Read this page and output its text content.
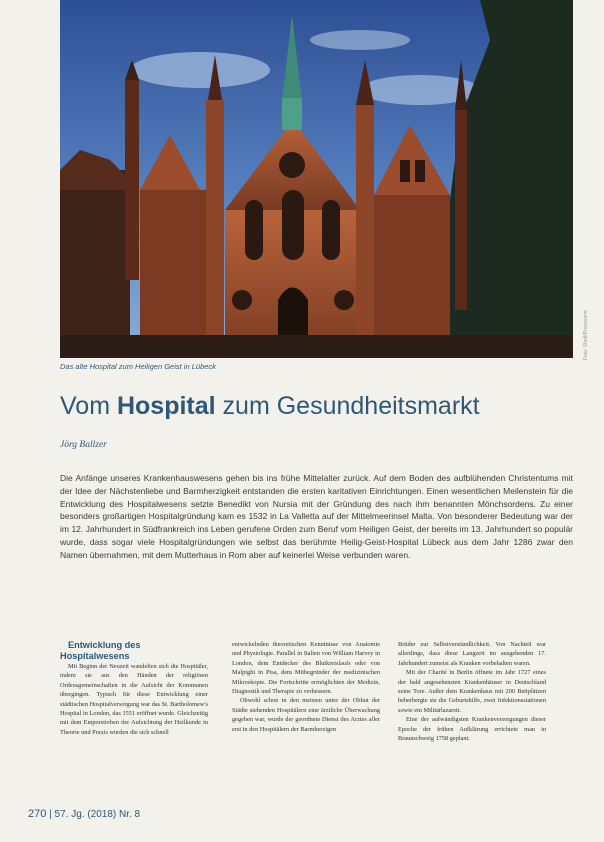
Foto: Stadt/Presseamt
Das alte Hospital zum Heiligen Geist in Lübeck
Vom Hospital zum Gesundheitsmarkt
Jörg Ballzer
Die Anfänge unseres Krankenhauswesens gehen bis ins frühe Mittelalter zurück. Auf dem Boden des aufblühenden Christentums mit der Idee der Nächstenliebe und Barmherzigkeit entstanden die ersten karitativen Einrichtungen. Einen wesentlichen Meilenstein für die Entwicklung des Hospitalwesens setzte Benedikt von Nursia mit der Gründung des nach ihm benannten Mönchsordens. Zu einer besonders großartigen Hospitalgründung kam es 1532 in La Valletta auf der Mittelmeerinsel Malta. Von besonderer Bedeutung war der im 12. Jahrhundert in Südfrankreich ins Leben gerufene Orden zum Beruf vom Heiligen Geist, der bereits im 13. Jahrhundert so populär wurde, dass sogar viele Hospitalgründungen wie selbst das berühmte Heilig-Geist-Hospital Lübeck aus dem Jahr 1286 zwar den Namen übernahmen, mit dem Mutterhaus in Rom aber auf keinerlei Weise verbunden waren.

Entwicklung des Hospitalwesens

Mit Beginn der Neuzeit wandelten sich die Hospitäler, indem sie aus den Händen der religiösen Ordensgemeinschaften in die Aufsicht der Kommunen übergingen. Typisch für diese Entwicklung einer städtischen Hospitalversorgung war das St. Bartholomew's Hospital in London, das 1551 eröffnet wurde. Gleichzeitig mit dem Emporstreben der Aufsichtung der Heilkunde in Theorie und Praxis wurden die sich schnell

entwickelnden theoretischen Kenntnisse von Anatomie und Physiologie. Parallel in Italien von William Harvey in London, dem Entdecker des Blutkreislaufs oder von Malpighi in Pisa, dem Mitbegründer der medizinischen Mikroskopie. Die Fortschritte ermöglichten der Medizin, Diagnostik und Therapie zu verbessern.

Obwohl schon in den meisten unter der Obhut der Städte stehenden Hospitälern eine ärztliche Überwachung gegeben war, wurde der geordnete Dienst des Arztes aller erst in den Hospitälern der Barmherzigen

Brüder zur Selbstverständlichkeit. Von Nachteil war allerdings, dass diese Langzeit im ausgehenden 17. Jahrhundert zumeist als Kranken vorbehalten waren.

Mit der Charité in Berlin öffnete im Jahr 1727 eines der bald angesehensten Krankenhäuser in Deutschland seine Tore. Außer dem Krankenhaus mit 200 Bettplätzen beherbergte sie die Geburtshilfe, zwei Infektionsstationen sowie ein Militärlazarett.

Eine der aufwändigsten Krankenversorgungen dieser Epoche der frühen Aufklärung errichtete man in Braunschweig 1758 geplant.

270 | 57. Jg. (2018) Nr. 8
